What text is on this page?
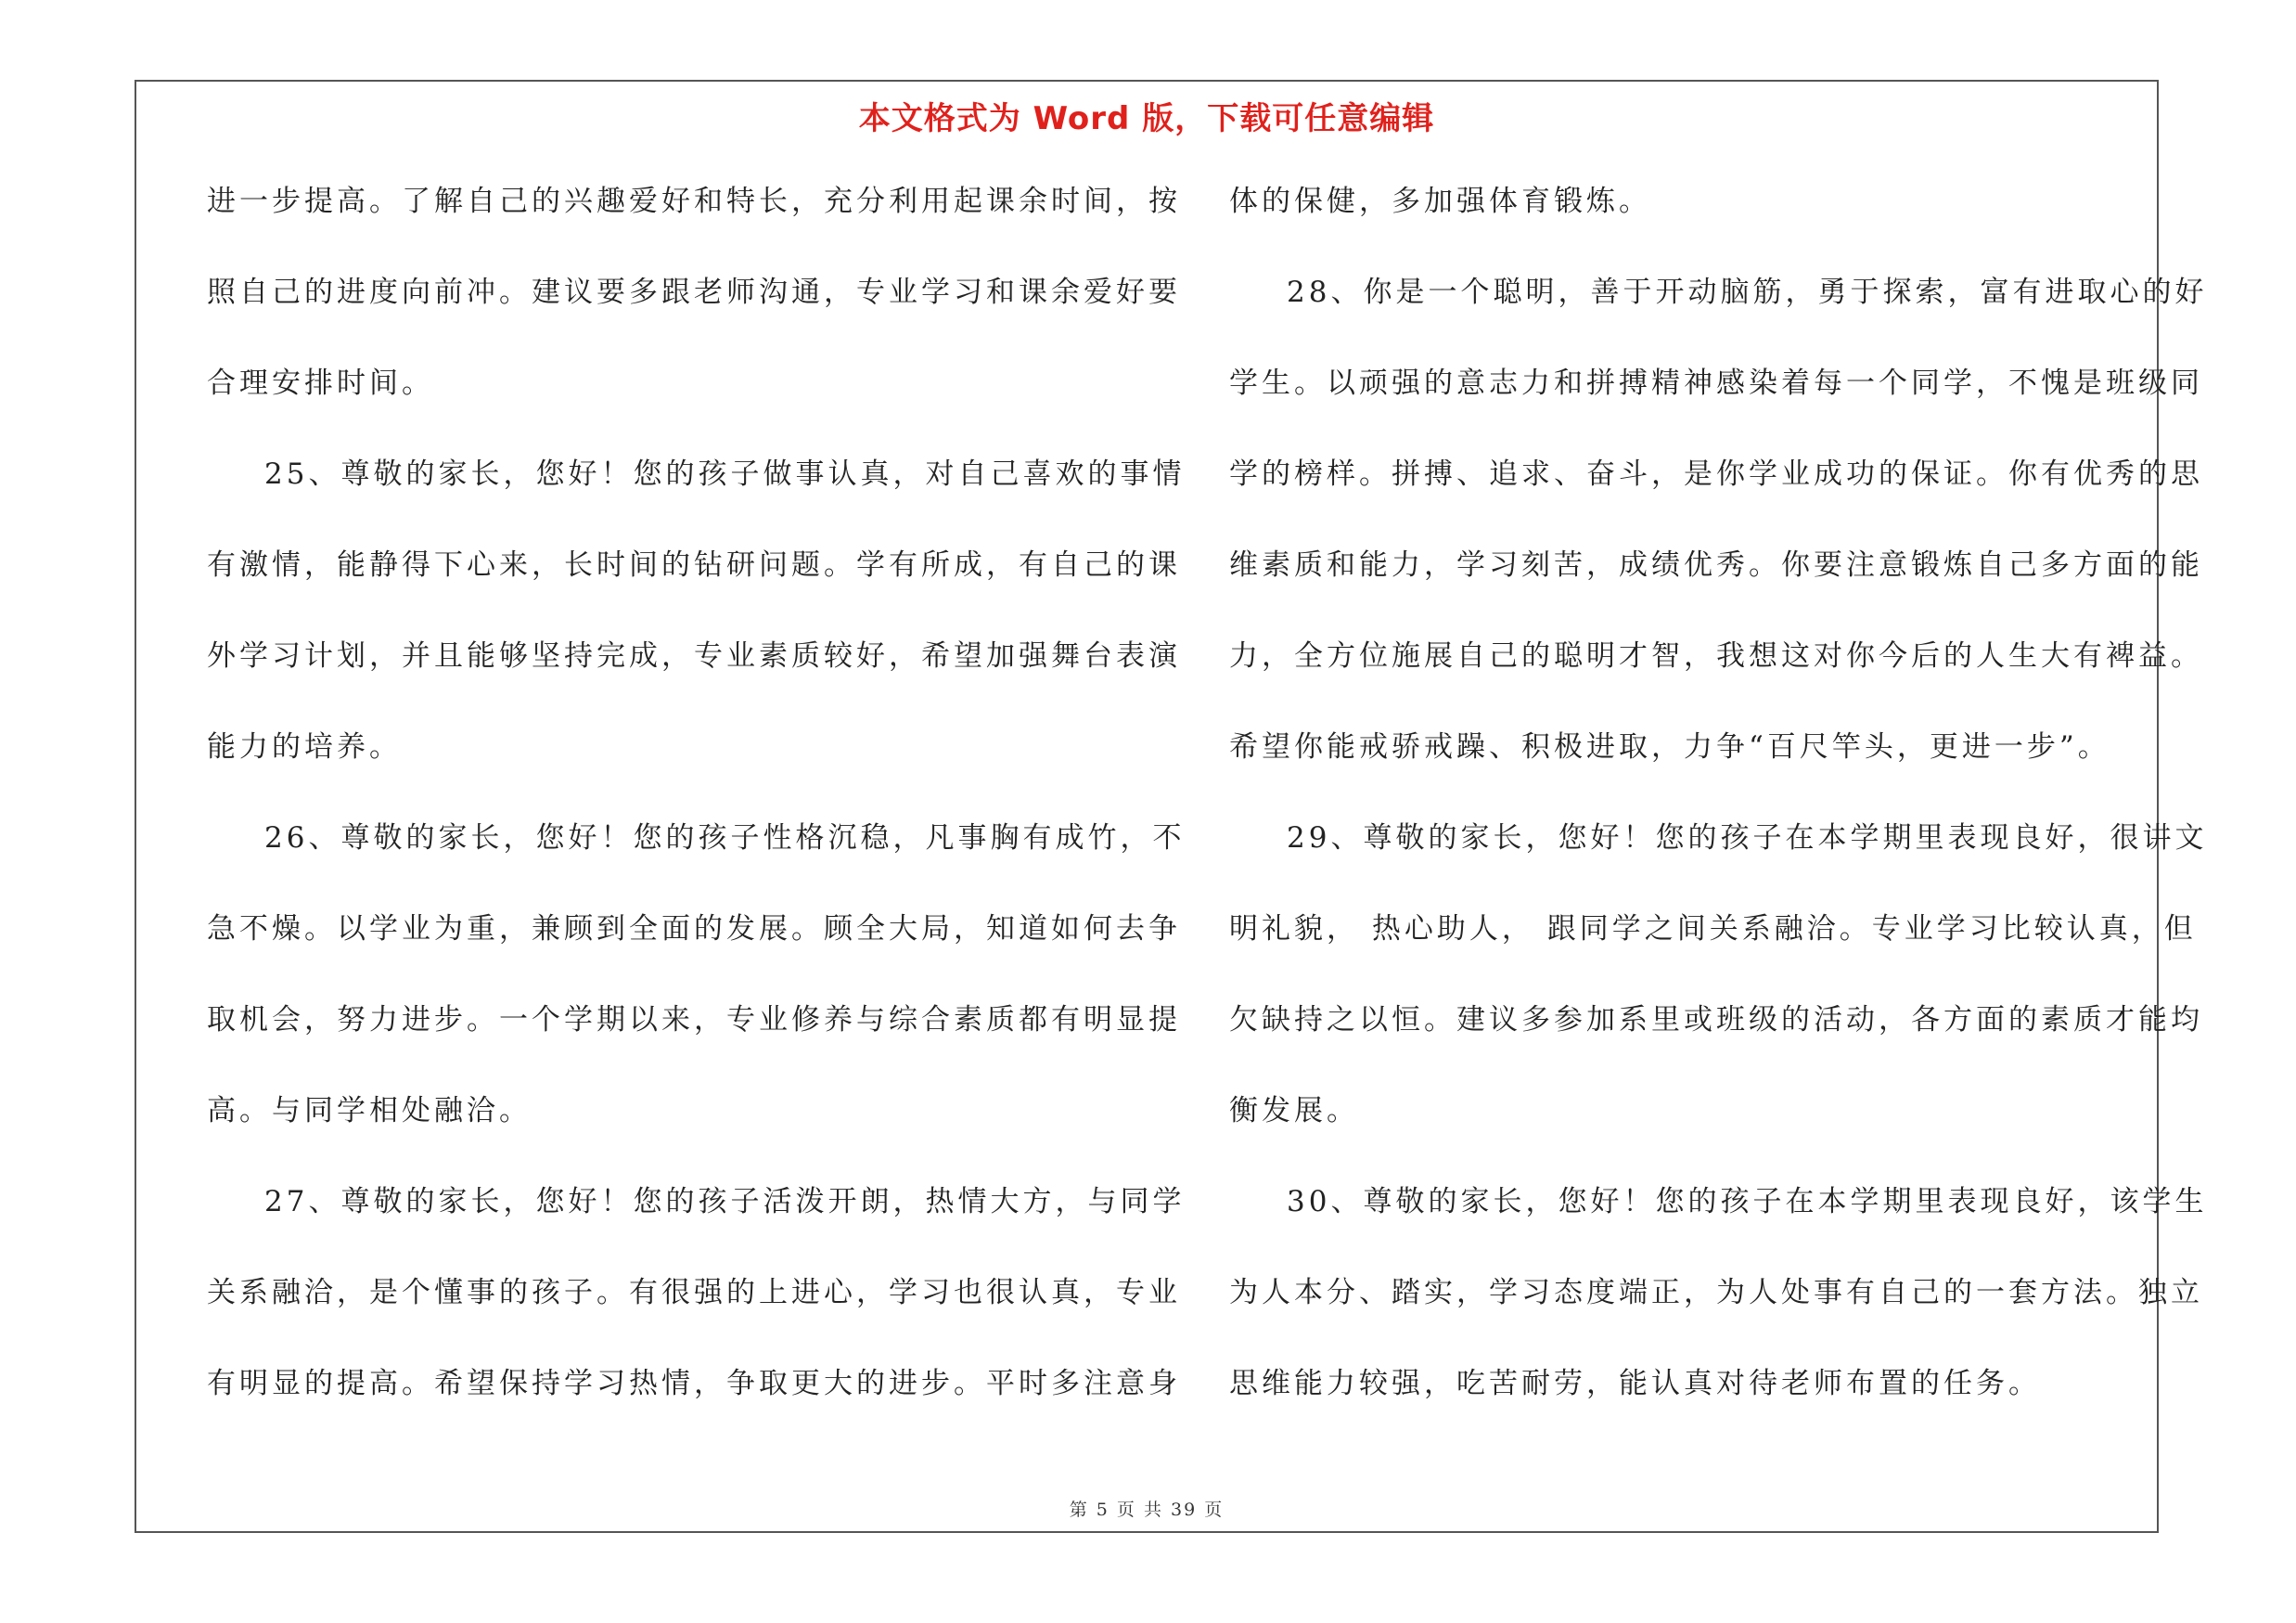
本文格式为 Word 版，下载可任意编辑
进一步提高。了解自己的兴趣爱好和特长，充分利用起课余时间，按
照自己的进度向前冲。建议要多跟老师沟通，专业学习和课余爱好要
合理安排时间。
25、尊敬的家长，您好！您的孩子做事认真，对自己喜欢的事情
有激情，能静得下心来，长时间的钻研问题。学有所成，有自己的课
外学习计划，并且能够坚持完成，专业素质较好，希望加强舞台表演
能力的培养。
26、尊敬的家长，您好！您的孩子性格沉稳，凡事胸有成竹，不
急不燥。以学业为重，兼顾到全面的发展。顾全大局，知道如何去争
取机会，努力进步。一个学期以来，专业修养与综合素质都有明显提
高。与同学相处融洽。
27、尊敬的家长，您好！您的孩子活泼开朗，热情大方，与同学
关系融洽，是个懂事的孩子。有很强的上进心，学习也很认真，专业
有明显的提高。希望保持学习热情，争取更大的进步。平时多注意身
体的保健，多加强体育锻炼。
28、你是一个聪明，善于开动脑筋，勇于探索，富有进取心的好
学生。以顽强的意志力和拼搏精神感染着每一个同学，不愧是班级同
学的榜样。拼搏、追求、奋斗，是你学业成功的保证。你有优秀的思
维素质和能力，学习刻苦，成绩优秀。你要注意锻炼自己多方面的能
力，全方位施展自己的聪明才智，我想这对你今后的人生大有裨益。
希望你能戒骄戒躁、积极进取，力争“百尺竿头，更进一步”。
29、尊敬的家长，您好！您的孩子在本学期里表现良好，很讲文
明礼貌， 热心助人， 跟同学之间关系融洽。专业学习比较认真，但
欠缺持之以恒。建议多参加系里或班级的活动，各方面的素质才能均
衡发展。
30、尊敬的家长，您好！您的孩子在本学期里表现良好，该学生
为人本分、踏实，学习态度端正，为人处事有自己的一套方法。独立
思维能力较强，吃苦耐劳，能认真对待老师布置的任务。
第 5 页 共 39 页
